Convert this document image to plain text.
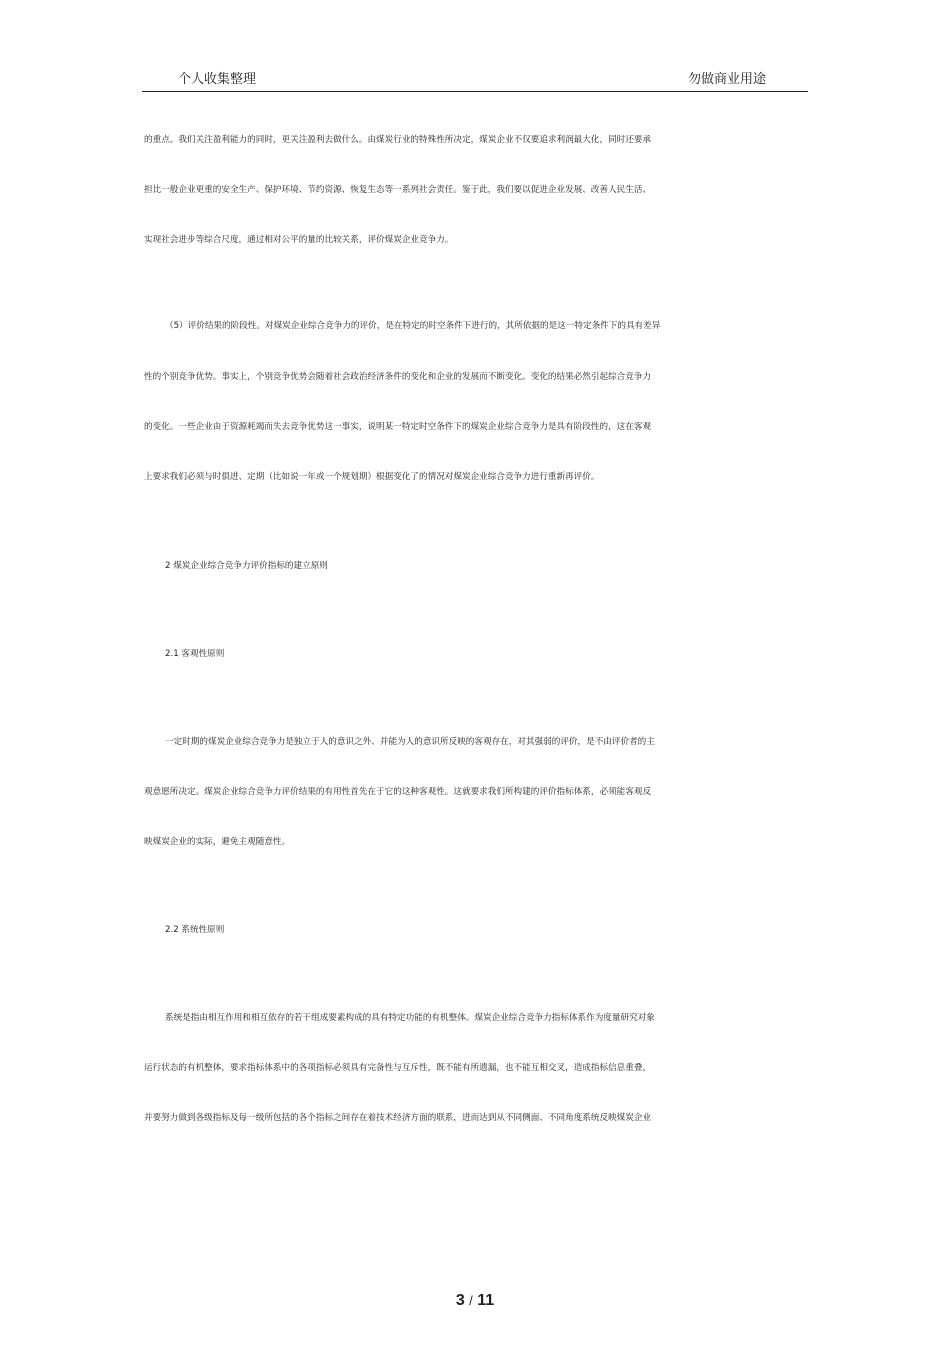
个人收集整理	勿做商业用途
的重点。我们关注盈利能力的同时，更关注盈利去做什么。由煤炭行业的特殊性所决定，煤炭企业不仅要追求利润最大化，同时还要承
担比一般企业更重的安全生产、保护环境、节约资源、恢复生态等一系列社会责任。鉴于此，我们要以促进企业发展、改善人民生活、
实现社会进步等综合尺度，通过相对公平的量的比较关系，评价煤炭企业竞争力。
（5）评价结果的阶段性。对煤炭企业综合竞争力的评价，是在特定的时空条件下进行的，其所依据的是这一特定条件下的具有差异
性的个别竞争优势。事实上，个别竞争优势会随着社会政治经济条件的变化和企业的发展而不断变化。变化的结果必然引起综合竞争力
的变化。一些企业由于资源耗竭而失去竞争优势这一事实，说明某一特定时空条件下的煤炭企业综合竞争力是具有阶段性的，这在客观
上要求我们必须与时俱进、定期（比如说一年或一个规划期）根据变化了的情况对煤炭企业综合竞争力进行重新再评价。
2 煤炭企业综合竞争力评价指标的建立原则
2.1 客观性原则
一定时期的煤炭企业综合竞争力是独立于人的意识之外、并能为人的意识所反映的客观存在，对其强弱的评价，是不由评价者的主
观意愿所决定。煤炭企业综合竞争力评价结果的有用性首先在于它的这种客观性。这就要求我们所构建的评价指标体系，必须能客观反
映煤炭企业的实际，避免主观随意性。
2.2 系统性原则
系统是指由相互作用和相互依存的若干组成要素构成的具有特定功能的有机整体。煤炭企业综合竞争力指标体系作为度量研究对象
运行状态的有机整体，要求指标体系中的各项指标必须具有完备性与互斥性，既不能有所遗漏，也不能互相交叉，造成指标信息重叠，
并要努力做到各级指标及每一级所包括的各个指标之间存在着技术经济方面的联系，进而达到从不同侧面、不同角度系统反映煤炭企业
3 / 11
